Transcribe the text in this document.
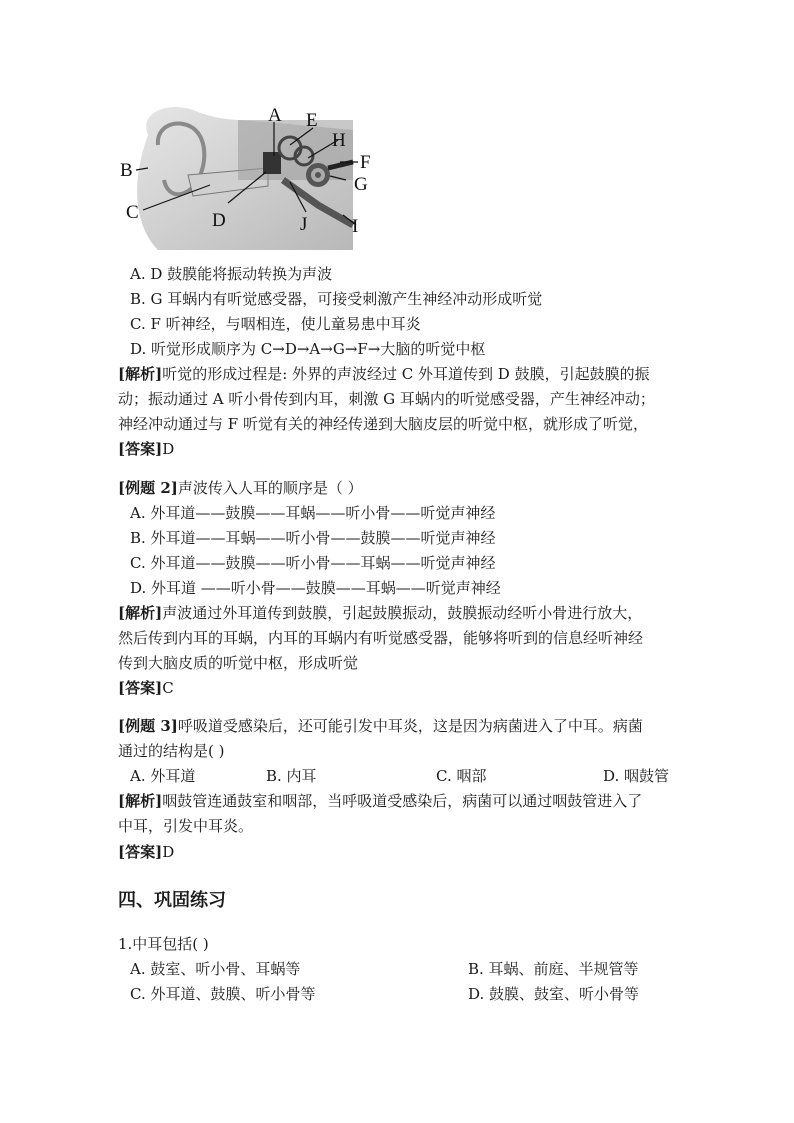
A
B
C	D
E
F
G
H
I
J
A. D 鼓膜能将振动转换为声波
B. G 耳蜗内有听觉感受器，可接受刺激产生神经冲动形成听觉
C. F 听神经，与咽相连，使儿童易患中耳炎
D. 听觉形成顺序为 C→D→A→G→F→大脑的听觉中枢
[解析]听觉的形成过程是: 外界的声波经过 C 外耳道传到 D 鼓膜，引起鼓膜的振
动；振动通过 A 听小骨传到内耳，刺激 G 耳蜗内的听觉感受器，产生神经冲动；
神经冲动通过与 F 听觉有关的神经传递到大脑皮层的听觉中枢，就形成了听觉，
[答案]D
[例题 2]声波传入人耳的顺序是（ ）
A. 外耳道——鼓膜——耳蜗——听小骨——听觉声神经
B. 外耳道——耳蜗——听小骨——鼓膜——听觉声神经
C. 外耳道——鼓膜——听小骨——耳蜗——听觉声神经
D. 外耳道 ——听小骨——鼓膜——耳蜗——听觉声神经
[解析]声波通过外耳道传到鼓膜，引起鼓膜振动，鼓膜振动经听小骨进行放大，
然后传到内耳的耳蜗，内耳的耳蜗内有听觉感受器，能够将听到的信息经听神经
传到大脑皮质的听觉中枢，形成听觉
[答案]C
[例题 3]呼吸道受感染后，还可能引发中耳炎，这是因为病菌进入了中耳。病菌
通过的结构是( )
A. 外耳道	B. 内耳	C. 咽部	D. 咽鼓管
[解析]咽鼓管连通鼓室和咽部，当呼吸道受感染后，病菌可以通过咽鼓管进入了
中耳，引发中耳炎。
[答案]D
四、巩固练习
1.中耳包括( )
A. 鼓室、听小骨、耳蜗等	B. 耳蜗、前庭、半规管等
C. 外耳道、鼓膜、听小骨等	D. 鼓膜、鼓室、听小骨等
